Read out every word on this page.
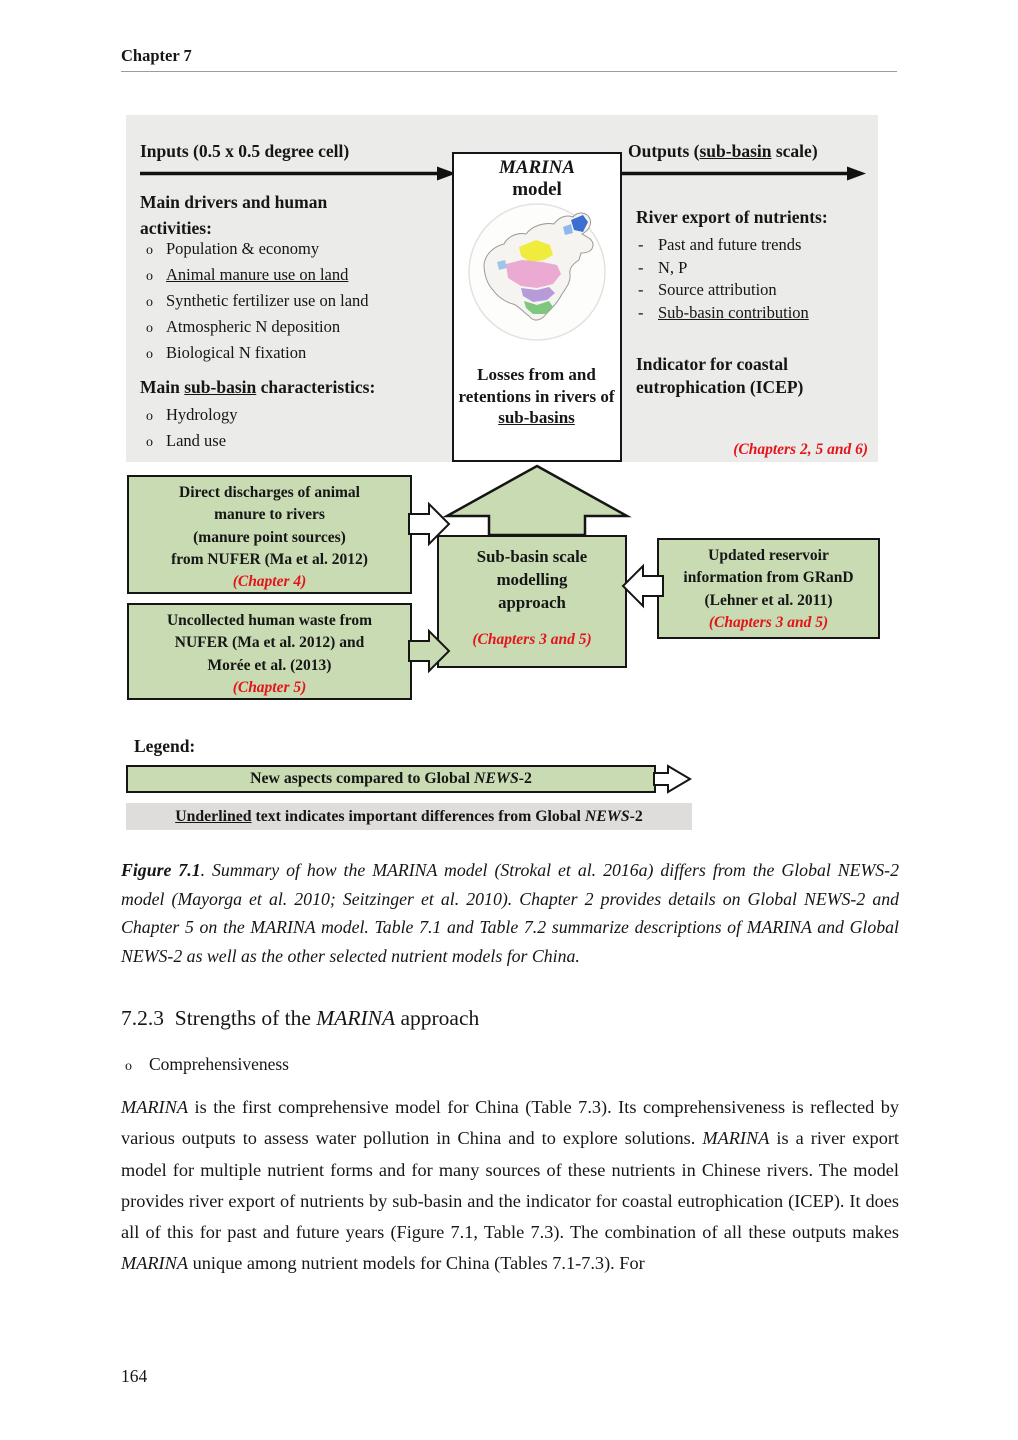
Chapter 7
Inputs (0.5 x 0.5 degree cell)	Outputs (sub-basin scale)
Main drivers and human
activities:
o Population & economy
o Animal manure use on land
o Synthetic fertilizer use on land
o Atmospheric N deposition
o Biological N fixation
Main sub-basin characteristics:
o Hydrology
o Land use
MARINA
model
Losses from and retentions in rivers of sub-basins
River export of nutrients:
- Past and future trends
- N, P
- Source attribution
- Sub-basin contribution
Indicator for coastal
eutrophication (ICEP)
(Chapters 2, 5 and 6)
Direct discharges of animal
manure to rivers
(manure point sources)
from NUFER (Ma et al. 2012)
(Chapter 4)
Uncollected human waste from
NUFER (Ma et al. 2012) and
Morée et al. (2013)
(Chapter 5)
Sub-basin scale
modelling
approach
(Chapters 3 and 5)
Updated reservoir
information from GRanD
(Lehner et al. 2011)
(Chapters 3 and 5)
Legend:
New aspects compared to Global NEWS-2
Underlined text indicates important differences from Global NEWS-2

Figure 7.1. Summary of how the MARINA model (Strokal et al. 2016a) differs from the Global NEWS-2 model (Mayorga et al. 2010; Seitzinger et al. 2010). Chapter 2 provides details on Global NEWS-2 and Chapter 5 on the MARINA model. Table 7.1 and Table 7.2 summarize descriptions of MARINA and Global NEWS-2 as well as the other selected nutrient models for China.

7.2.3  Strengths of the MARINA approach
o Comprehensiveness

MARINA is the first comprehensive model for China (Table 7.3). Its comprehensiveness is reflected by various outputs to assess water pollution in China and to explore solutions. MARINA is a river export model for multiple nutrient forms and for many sources of these nutrients in Chinese rivers. The model provides river export of nutrients by sub-basin and the indicator for coastal eutrophication (ICEP). It does all of this for past and future years (Figure 7.1, Table 7.3). The combination of all these outputs makes MARINA unique among nutrient models for China (Tables 7.1-7.3). For

164
